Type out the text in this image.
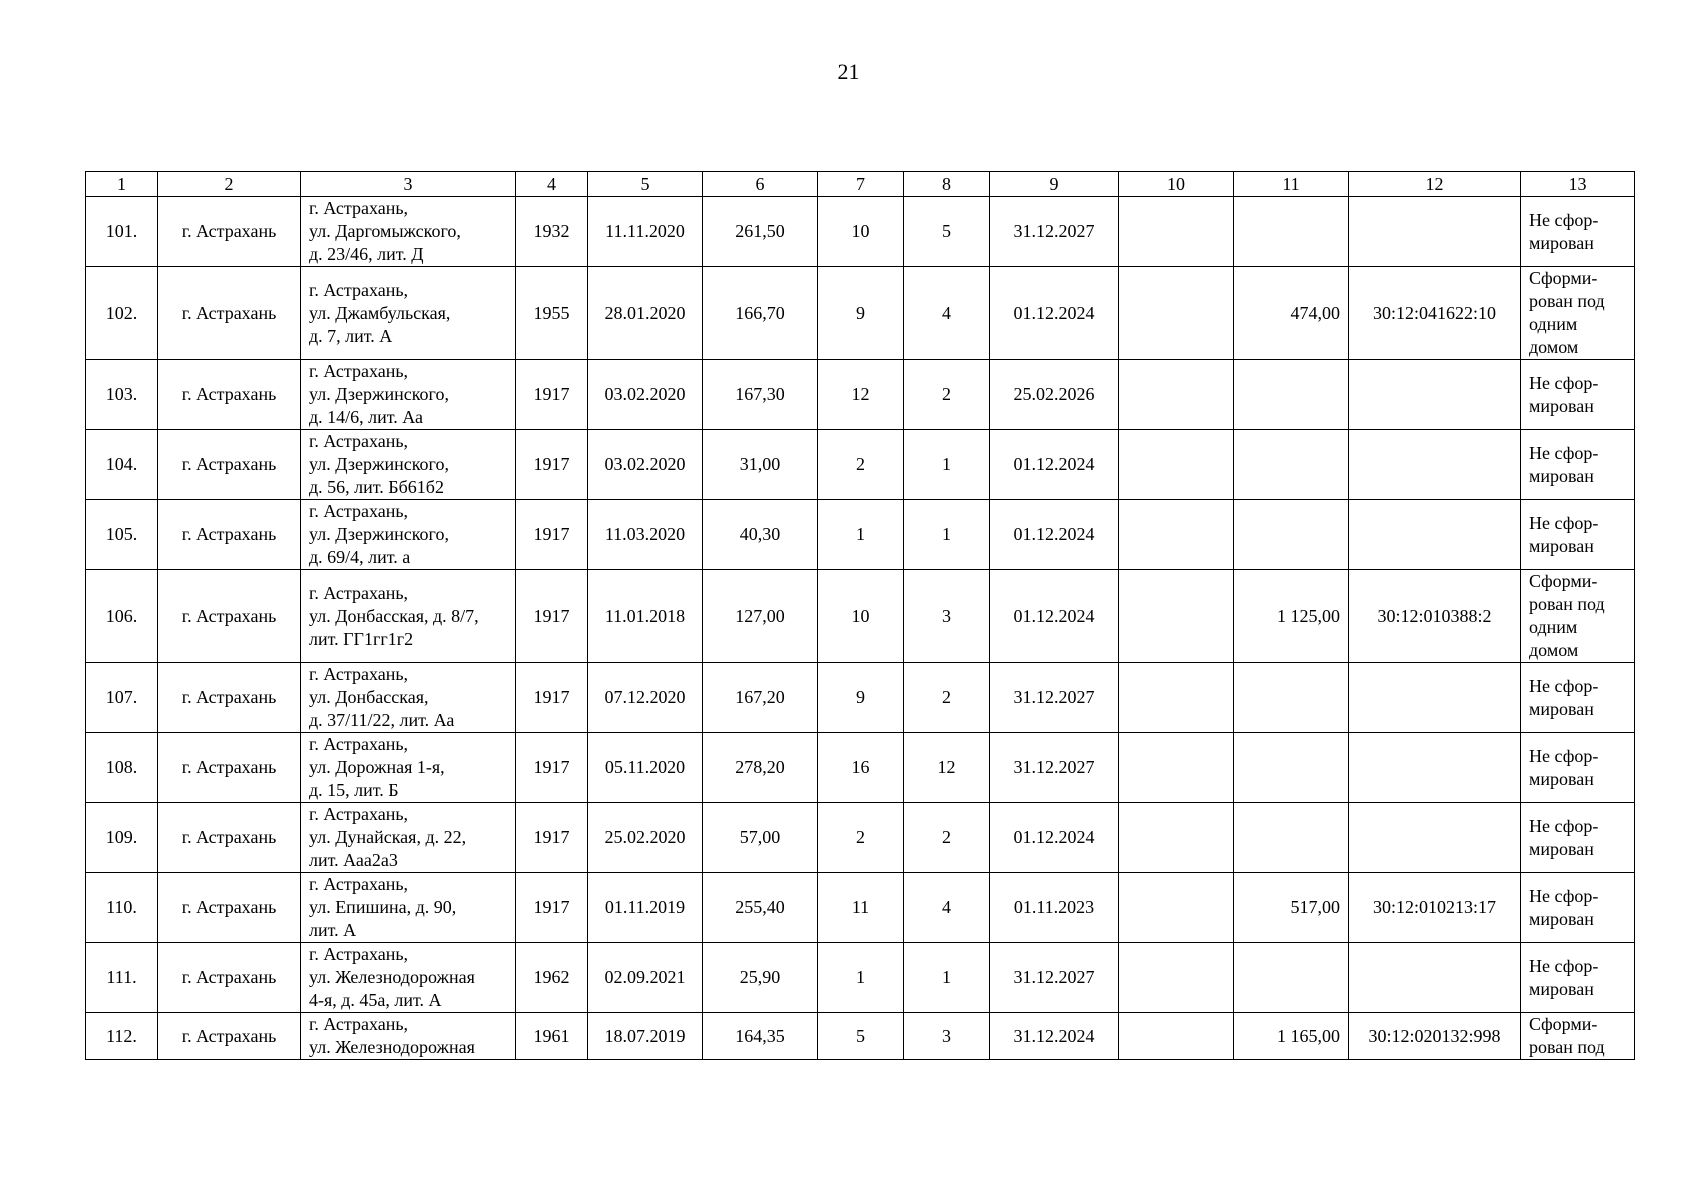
21
1	2	3	4	5	6	7	8	9	10	11	12	13
101.	г. Астрахань	г. Астрахань,
ул. Даргомыжского,
д. 23/46, лит. Д	1932	11.11.2020	261,50	10	5	31.12.2027				Не сфор-
мирован

102.	г. Астрахань	г. Астрахань,
ул. Джамбульская,
д. 7, лит. А	1955	28.01.2020	166,70	9	4	01.12.2024		474,00	30:12:041622:10	Сформи-
рован под
одним
домом

103.	г. Астрахань	г. Астрахань,
ул. Дзержинского,
д. 14/6, лит. Аа	1917	03.02.2020	167,30	12	2	25.02.2026				Не сфор-
мирован

104.	г. Астрахань	г. Астрахань,
ул. Дзержинского,
д. 56, лит. Бб61б2	1917	03.02.2020	31,00	2	1	01.12.2024				Не сфор-
мирован

105.	г. Астрахань	г. Астрахань,
ул. Дзержинского,
д. 69/4, лит. а	1917	11.03.2020	40,30	1	1	01.12.2024				Не сфор-
мирован

106.	г. Астрахань	г. Астрахань,
ул. Донбасская, д. 8/7,
лит. ГГ1гг1г2	1917	11.01.2018	127,00	10	3	01.12.2024		1 125,00	30:12:010388:2	Сформи-
рован под
одним
домом

107.	г. Астрахань	г. Астрахань,
ул. Донбасская,
д. 37/11/22, лит. Аа	1917	07.12.2020	167,20	9	2	31.12.2027				Не сфор-
мирован

108.	г. Астрахань	г. Астрахань,
ул. Дорожная 1-я,
д. 15, лит. Б	1917	05.11.2020	278,20	16	12	31.12.2027				Не сфор-
мирован

109.	г. Астрахань	г. Астрахань,
ул. Дунайская, д. 22,
лит. Ааа2а3	1917	25.02.2020	57,00	2	2	01.12.2024				Не сфор-
мирован

110.	г. Астрахань	г. Астрахань,
ул. Епишина, д. 90,
лит. А	1917	01.11.2019	255,40	11	4	01.11.2023		517,00	30:12:010213:17	Не сфор-
мирован

111.	г. Астрахань	г. Астрахань,
ул. Железнодорожная
4-я, д. 45а, лит. А	1962	02.09.2021	25,90	1	1	31.12.2027				Не сфор-
мирован

112.	г. Астрахань	г. Астрахань,
ул. Железнодорожная	1961	18.07.2019	164,35	5	3	31.12.2024		1 165,00	30:12:020132:998	Сформи-
рован под
